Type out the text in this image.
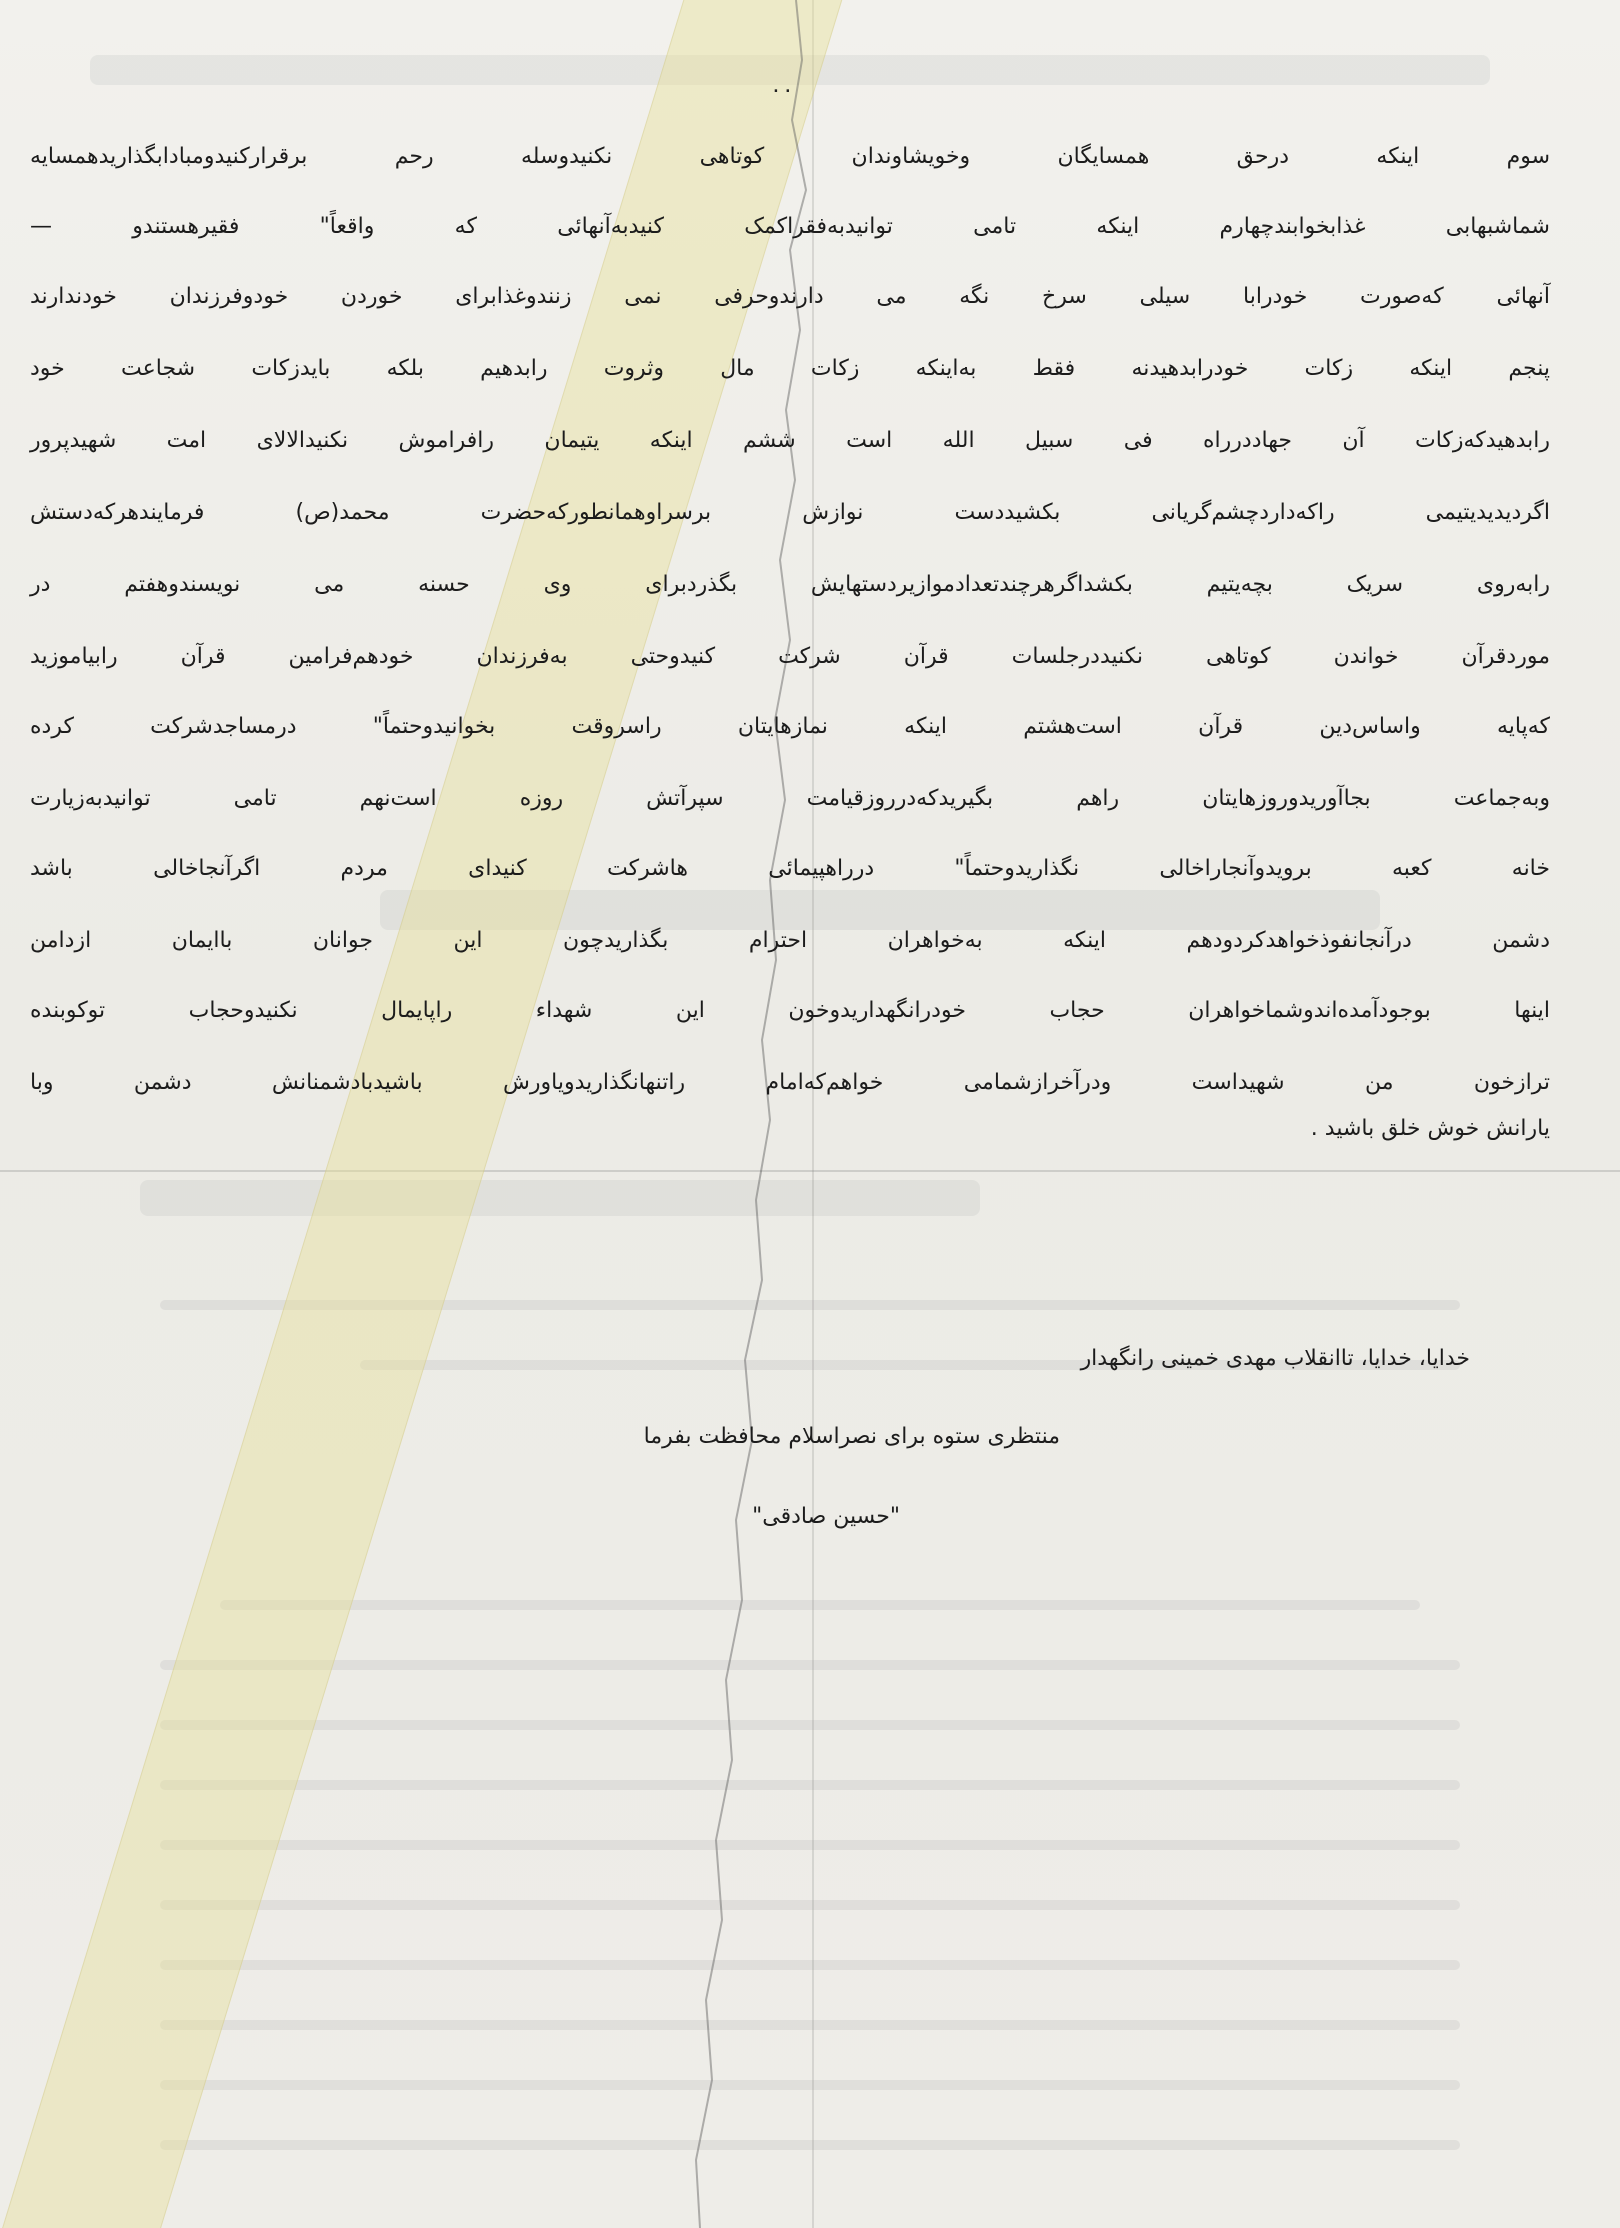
٠٠
سوم اینکه درحق همسایگان وخویشاوندان کوتاهی نکنیدوسله رحم برقرارکنیدومبادابگذاریدهمسایه
شماشبهابی غذابخوابندچهارم اینکه تامی توانیدبه‌فقراکمک کنیدبه‌آنهائی که واقعاً" فقیرهستندو —
آنهائی که‌صورت خودرابا سیلی سرخ نگه می دارندوحرفی نمی زنندوغذابرای خوردن خودوفرزندان خودندارند
پنجم اینکه زکات خودرابدهیدنه فقط به‌اینکه زکات مال وثروت رابدهیم بلکه بایدزکات شجاعت خود
رابدهیدکه‌زکات آن جهاددرراه فی سبیل الله است ششم اینکه یتیمان رافراموش نکنیدالالای امت شهیدپرور
اگردیدیدیتیمی راکه‌داردچشم‌گریانی بکشیددست نوازش برسراوهمانطورکه‌حضرت محمد(ص) فرمایندهرکه‌دستش
رابه‌روی سریک بچه‌یتیم بکشداگرهرچندتعدادموازیردستهایش بگذردبرای وی حسنه می نویسندوهفتم در
موردقرآن خواندن کوتاهی نکنیددرجلسات قرآن شرکت کنیدوحتی به‌فرزندان خودهم‌فرامین قرآن رابیاموزید
که‌پایه واساس‌دین قرآن است‌هشتم اینکه نمازهایتان راسروقت بخوانیدوحتماً" درمساجدشرکت کرده
وبه‌جماعت بجاآوریدوروزهایتان راهم بگیریدکه‌درروزقیامت سپرآتش روزه است‌نهم تامی توانیدبه‌زیارت
خانه کعبه برویدوآنجاراخالی نگذاریدوحتماً" درراهپیمائی هاشرکت کنیدای مردم اگرآنجاخالی باشد
دشمن درآنجانفوذخواهدکردودهم اینکه به‌خواهران احترام بگذاریدچون این جوانان باایمان ازدامن
اینها بوجودآمده‌اندوشماخواهران حجاب خودرانگهداریدوخون این شهداء راپایمال نکنیدوحجاب توکوبنده
ترازخون من شهیداست ودرآخرازشمامی خواهم‌که‌امام راتنهانگذاریدویاورش باشیدبادشمنانش دشمن وبا
یارانش خوش خلق باشید .
خدایا، خدایا، تاانقلاب مهدی خمینی رانگهدار
منتظری ستوه برای نصراسلام محافظت بفرما
"حسین صادقی"
